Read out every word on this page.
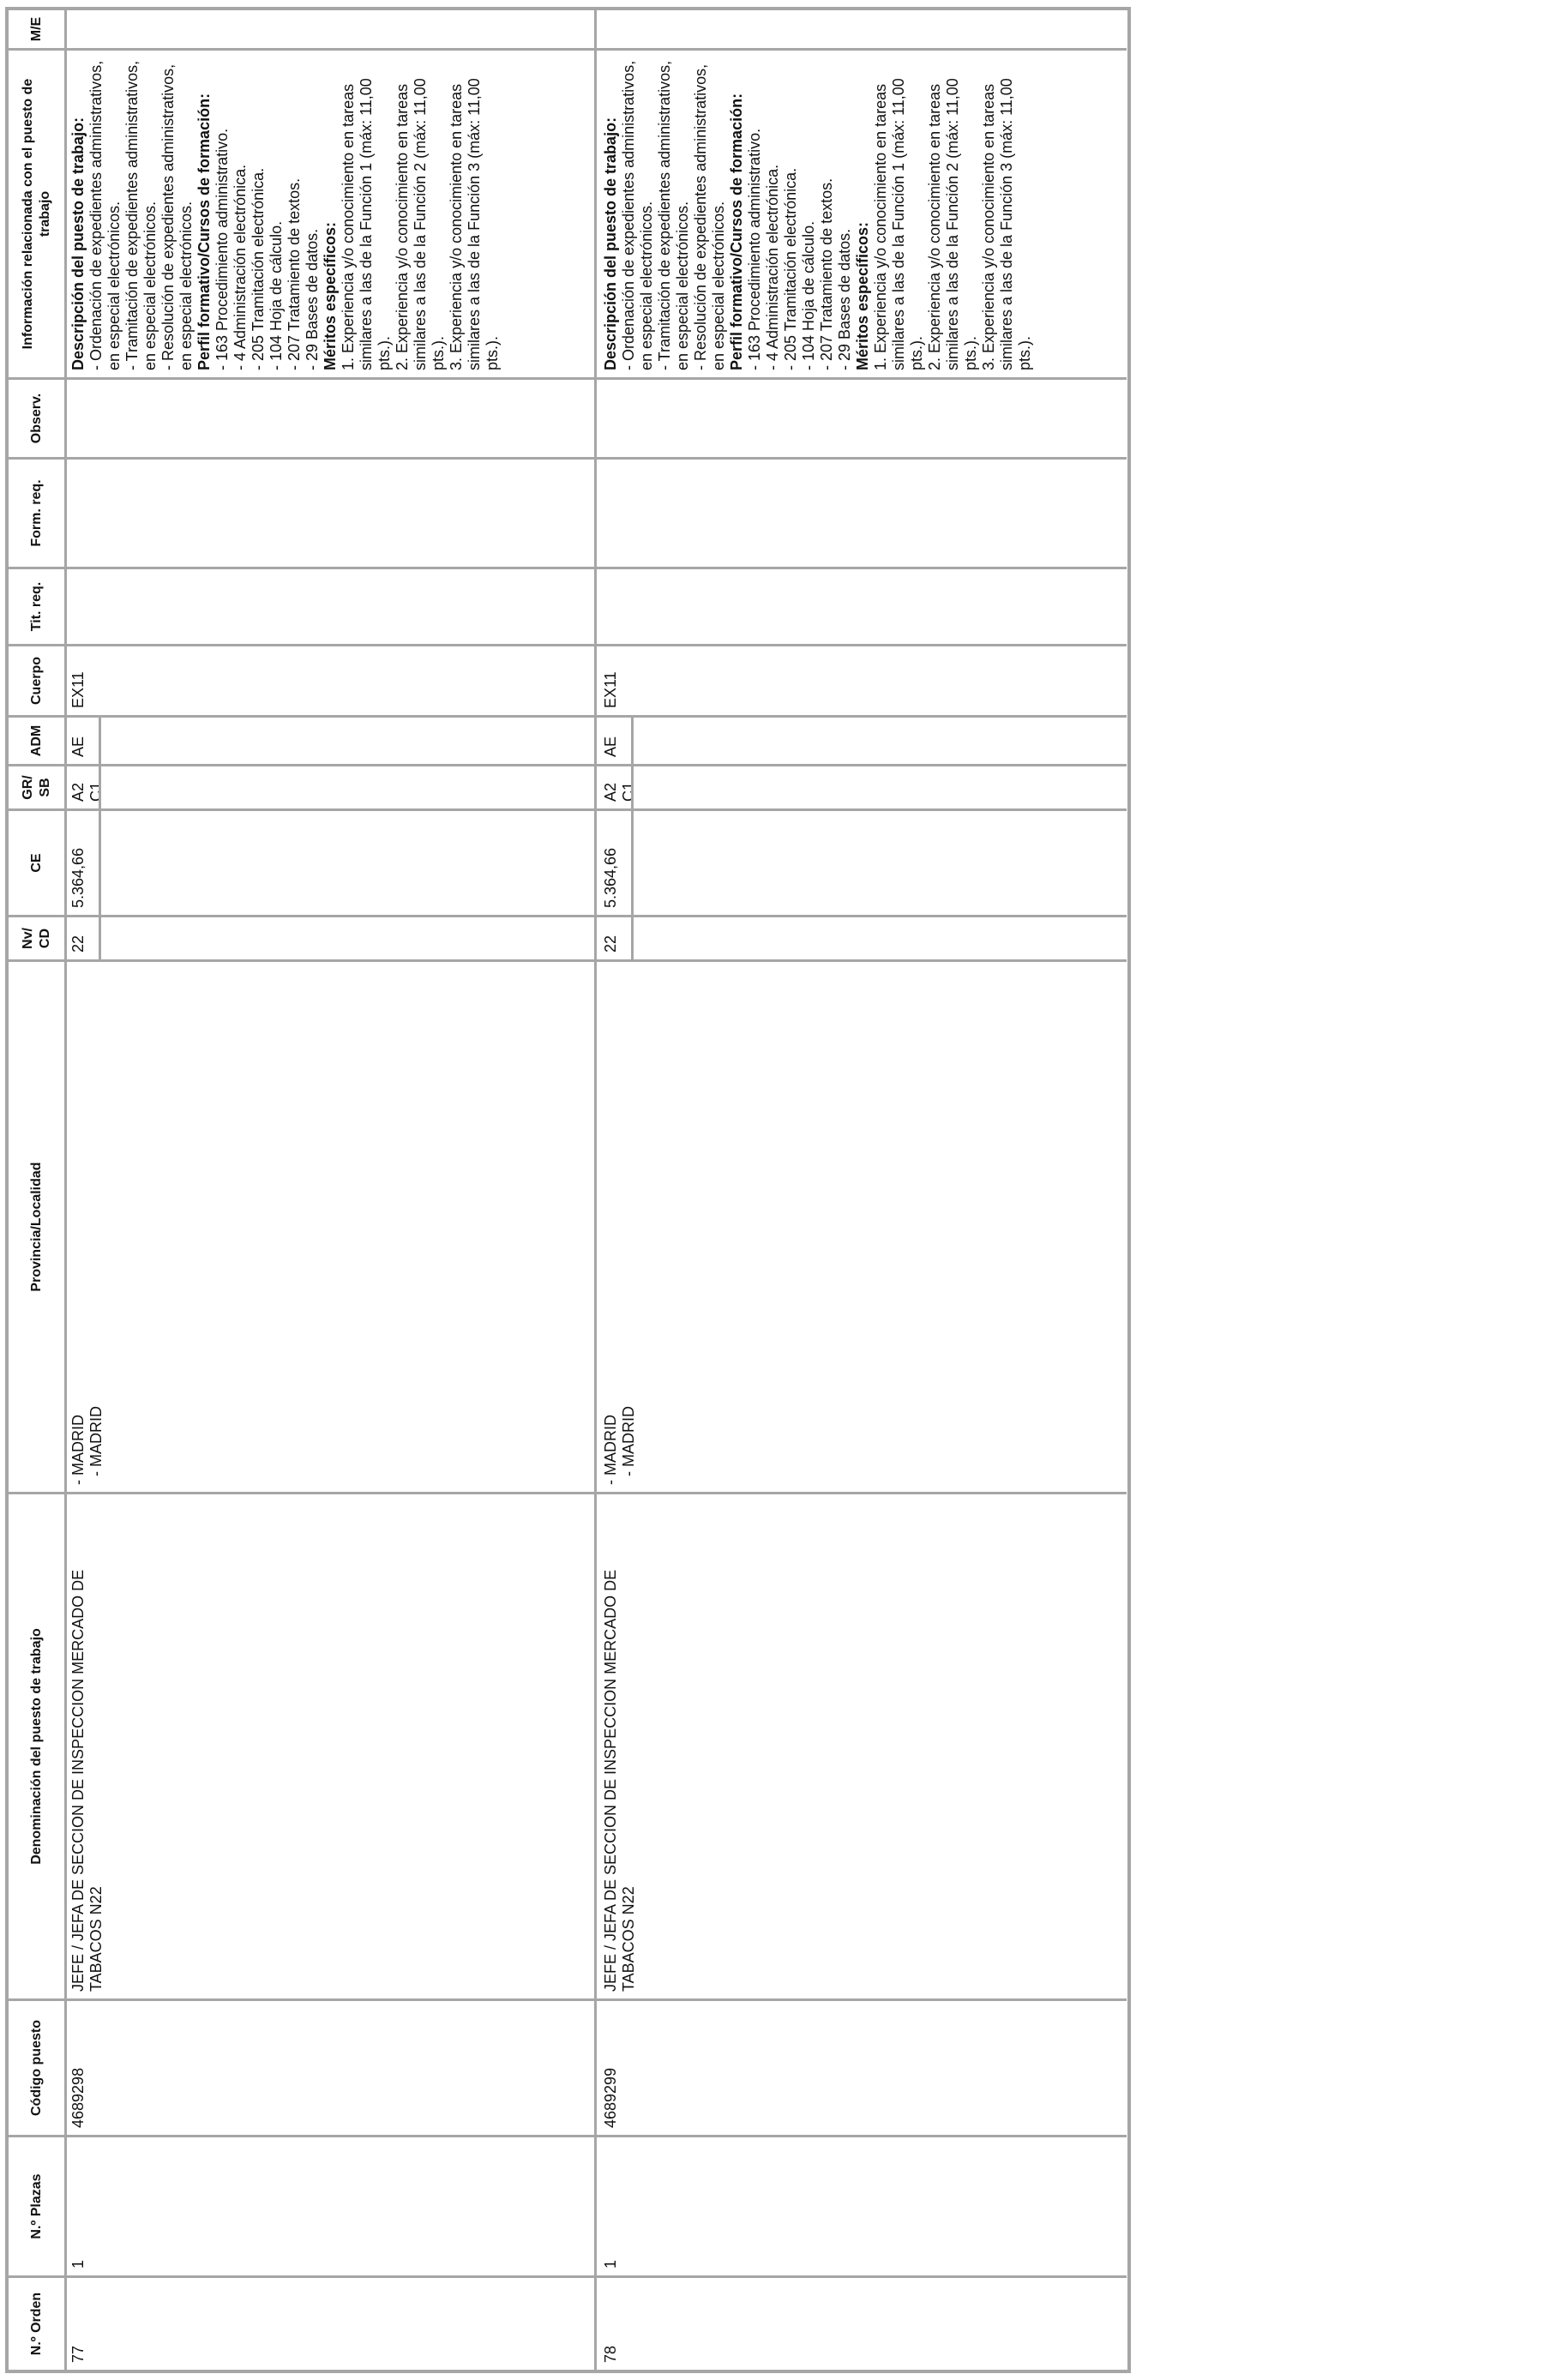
N.º Orden
N.º Plazas
Código puesto
Denominación del puesto de trabajo
Provincia/Localidad
Nv/ CD
CE
GR/ SB
ADM
Cuerpo
Tit. req.
Form. req.
Observ.
Información relacionada con el puesto de trabajo
M/E
77
1
4689298
JEFE / JEFA DE SECCION DE INSPECCION MERCADO DE TABACOS N22
- MADRID - MADRID
22
5.364,66
A2 C1
AE
EX11
Descripción del puesto de trabajo: - Ordenación de expedientes administrativos, en especial electrónicos. - Tramitación de expedientes administrativos, en especial electrónicos. - Resolución de expedientes administrativos, en especial electrónicos. Perfil formativo/Cursos de formación: - 163 Procedimiento administrativo. - 4 Administración electrónica. - 205 Tramitación electrónica. - 104 Hoja de cálculo. - 207 Tratamiento de textos. - 29 Bases de datos. Méritos específicos: 1. Experiencia y/o conocimiento en tareas similares a las de la Función 1 (máx: 11,00 pts.). 2. Experiencia y/o conocimiento en tareas similares a las de la Función 2 (máx: 11,00 pts.). 3. Experiencia y/o conocimiento en tareas similares a las de la Función 3 (máx: 11,00 pts.).
78
1
4689299
JEFE / JEFA DE SECCION DE INSPECCION MERCADO DE TABACOS N22
- MADRID - MADRID
22
5.364,66
A2 C1
AE
EX11
Descripción del puesto de trabajo: - Ordenación de expedientes administrativos, en especial electrónicos. - Tramitación de expedientes administrativos, en especial electrónicos. - Resolución de expedientes administrativos, en especial electrónicos. Perfil formativo/Cursos de formación: - 163 Procedimiento administrativo. - 4 Administración electrónica. - 205 Tramitación electrónica. - 104 Hoja de cálculo. - 207 Tratamiento de textos. - 29 Bases de datos. Méritos específicos: 1. Experiencia y/o conocimiento en tareas similares a las de la Función 1 (máx: 11,00 pts.). 2. Experiencia y/o conocimiento en tareas similares a las de la Función 2 (máx: 11,00 pts.). 3. Experiencia y/o conocimiento en tareas similares a las de la Función 3 (máx: 11,00 pts.).
